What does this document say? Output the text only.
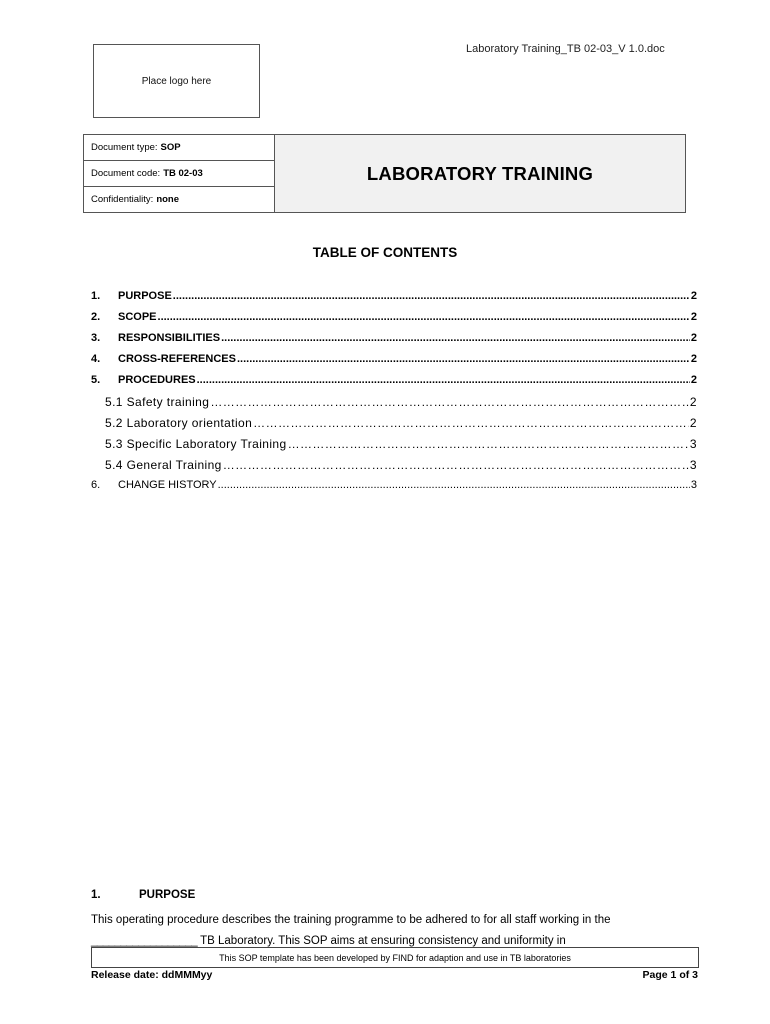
Laboratory Training_TB 02-03_V 1.0.doc
Place logo here
Document type: SOP
Document code: TB 02-03
Confidentiality: none
LABORATORY TRAINING
TABLE OF CONTENTS
1.	PURPOSE .....	2
2.	SCOPE .....	2
3.	RESPONSIBILITIES .....	2
4.	CROSS-REFERENCES .....	2
5.	PROCEDURES .....	2
5.1 Safety training ………………………………………………………………………………………………………………………………………………………………………………………………	2
5.2 Laboratory orientation ………………………………………………………………………………………………………………………………………………………………………………………………	2
5.3 Specific Laboratory Training ………………………………………………………………………………………………………………………………………………………………………………………………	3
5.4 General Training ………………………………………………………………………………………………………………………………………………………………………………………………	3
6.	CHANGE HISTORY .....	3
1.	PURPOSE
This operating procedure describes the training programme to be adhered to for all staff working in the
__________________ TB Laboratory. This SOP aims at ensuring consistency and uniformity in
This SOP template has been developed by FIND for adaption and use in TB laboratories
Release date: ddMMMyy	Page 1 of 3
